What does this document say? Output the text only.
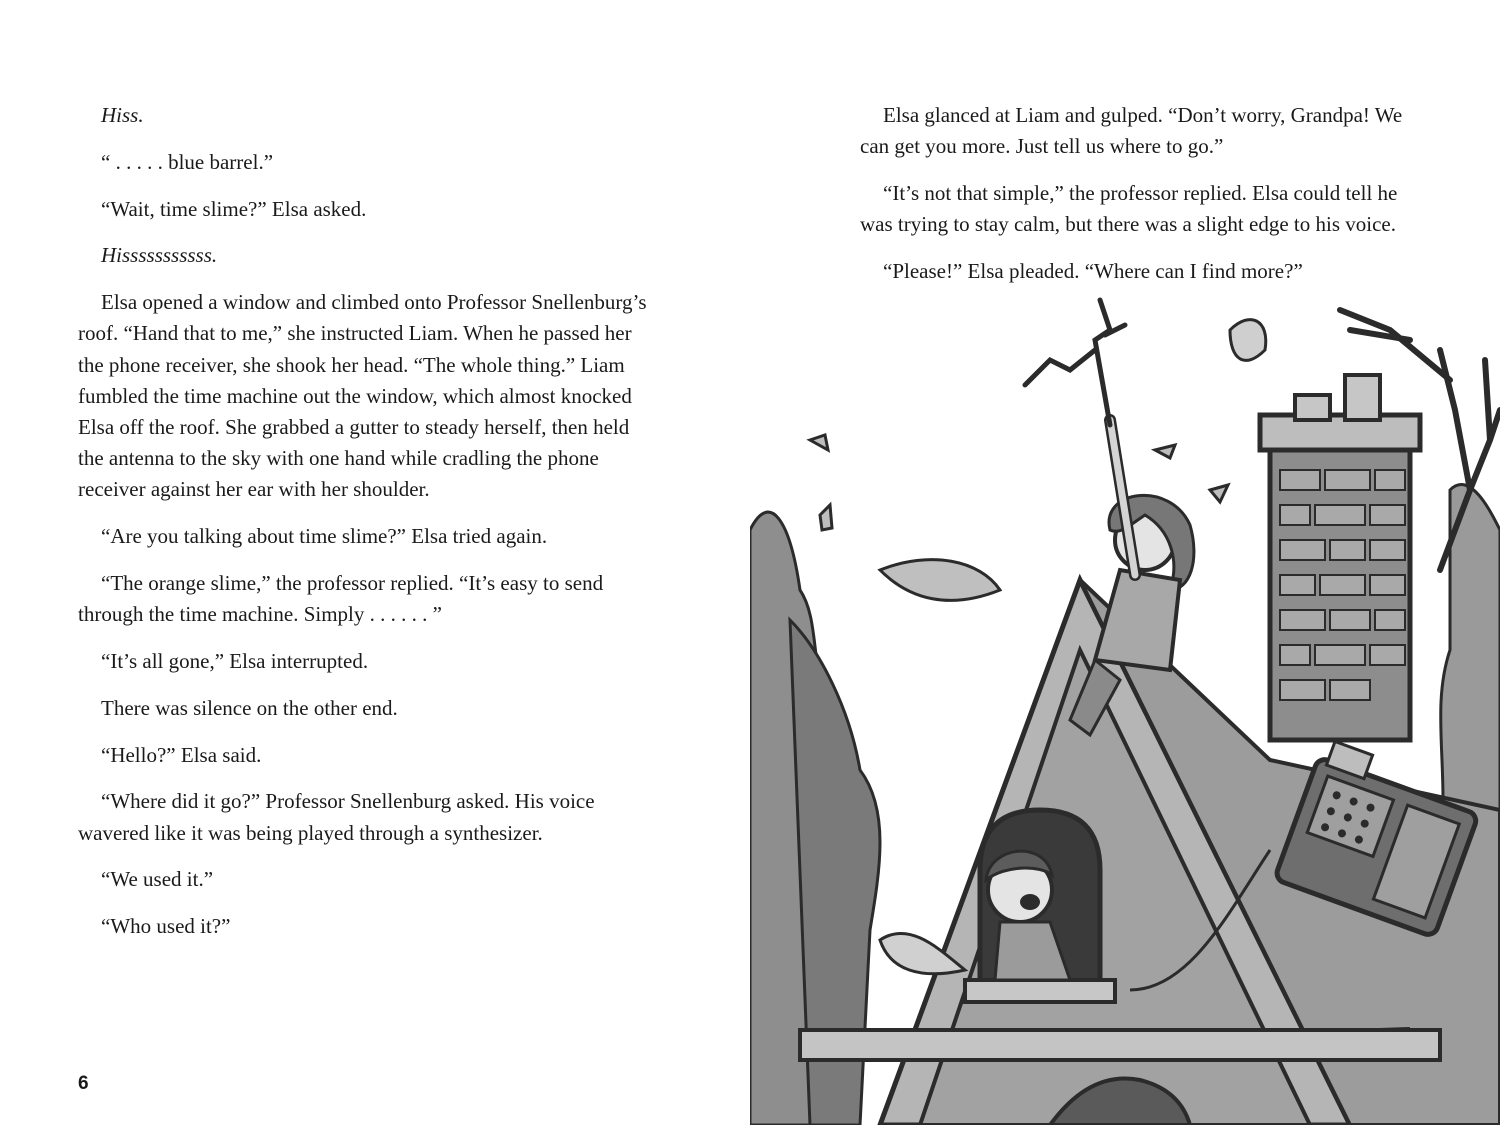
Hiss.

“ . . . . . blue barrel.”

“Wait, time slime?” Elsa asked.

Hisssssssssss.

Elsa opened a window and climbed onto Professor Snellenburg’s roof. “Hand that to me,” she instructed Liam. When he passed her the phone receiver, she shook her head. “The whole thing.” Liam fumbled the time machine out the window, which almost knocked Elsa off the roof. She grabbed a gutter to steady herself, then held the antenna to the sky with one hand while cradling the phone receiver against her ear with her shoulder.

“Are you talking about time slime?” Elsa tried again.

“The orange slime,” the professor replied. “It’s easy to send through the time machine. Simply . . . . . . ”

“It’s all gone,” Elsa interrupted.

There was silence on the other end.

“Hello?” Elsa said.

“Where did it go?” Professor Snellenburg asked. His voice wavered like it was being played through a synthesizer.

“We used it.”

“Who used it?”

6

Elsa glanced at Liam and gulped. “Don’t worry, Grandpa! We can get you more. Just tell us where to go.”

“It’s not that simple,” the professor replied. Elsa could tell he was trying to stay calm, but there was a slight edge to his voice.

“Please!” Elsa pleaded. “Where can I find more?”
